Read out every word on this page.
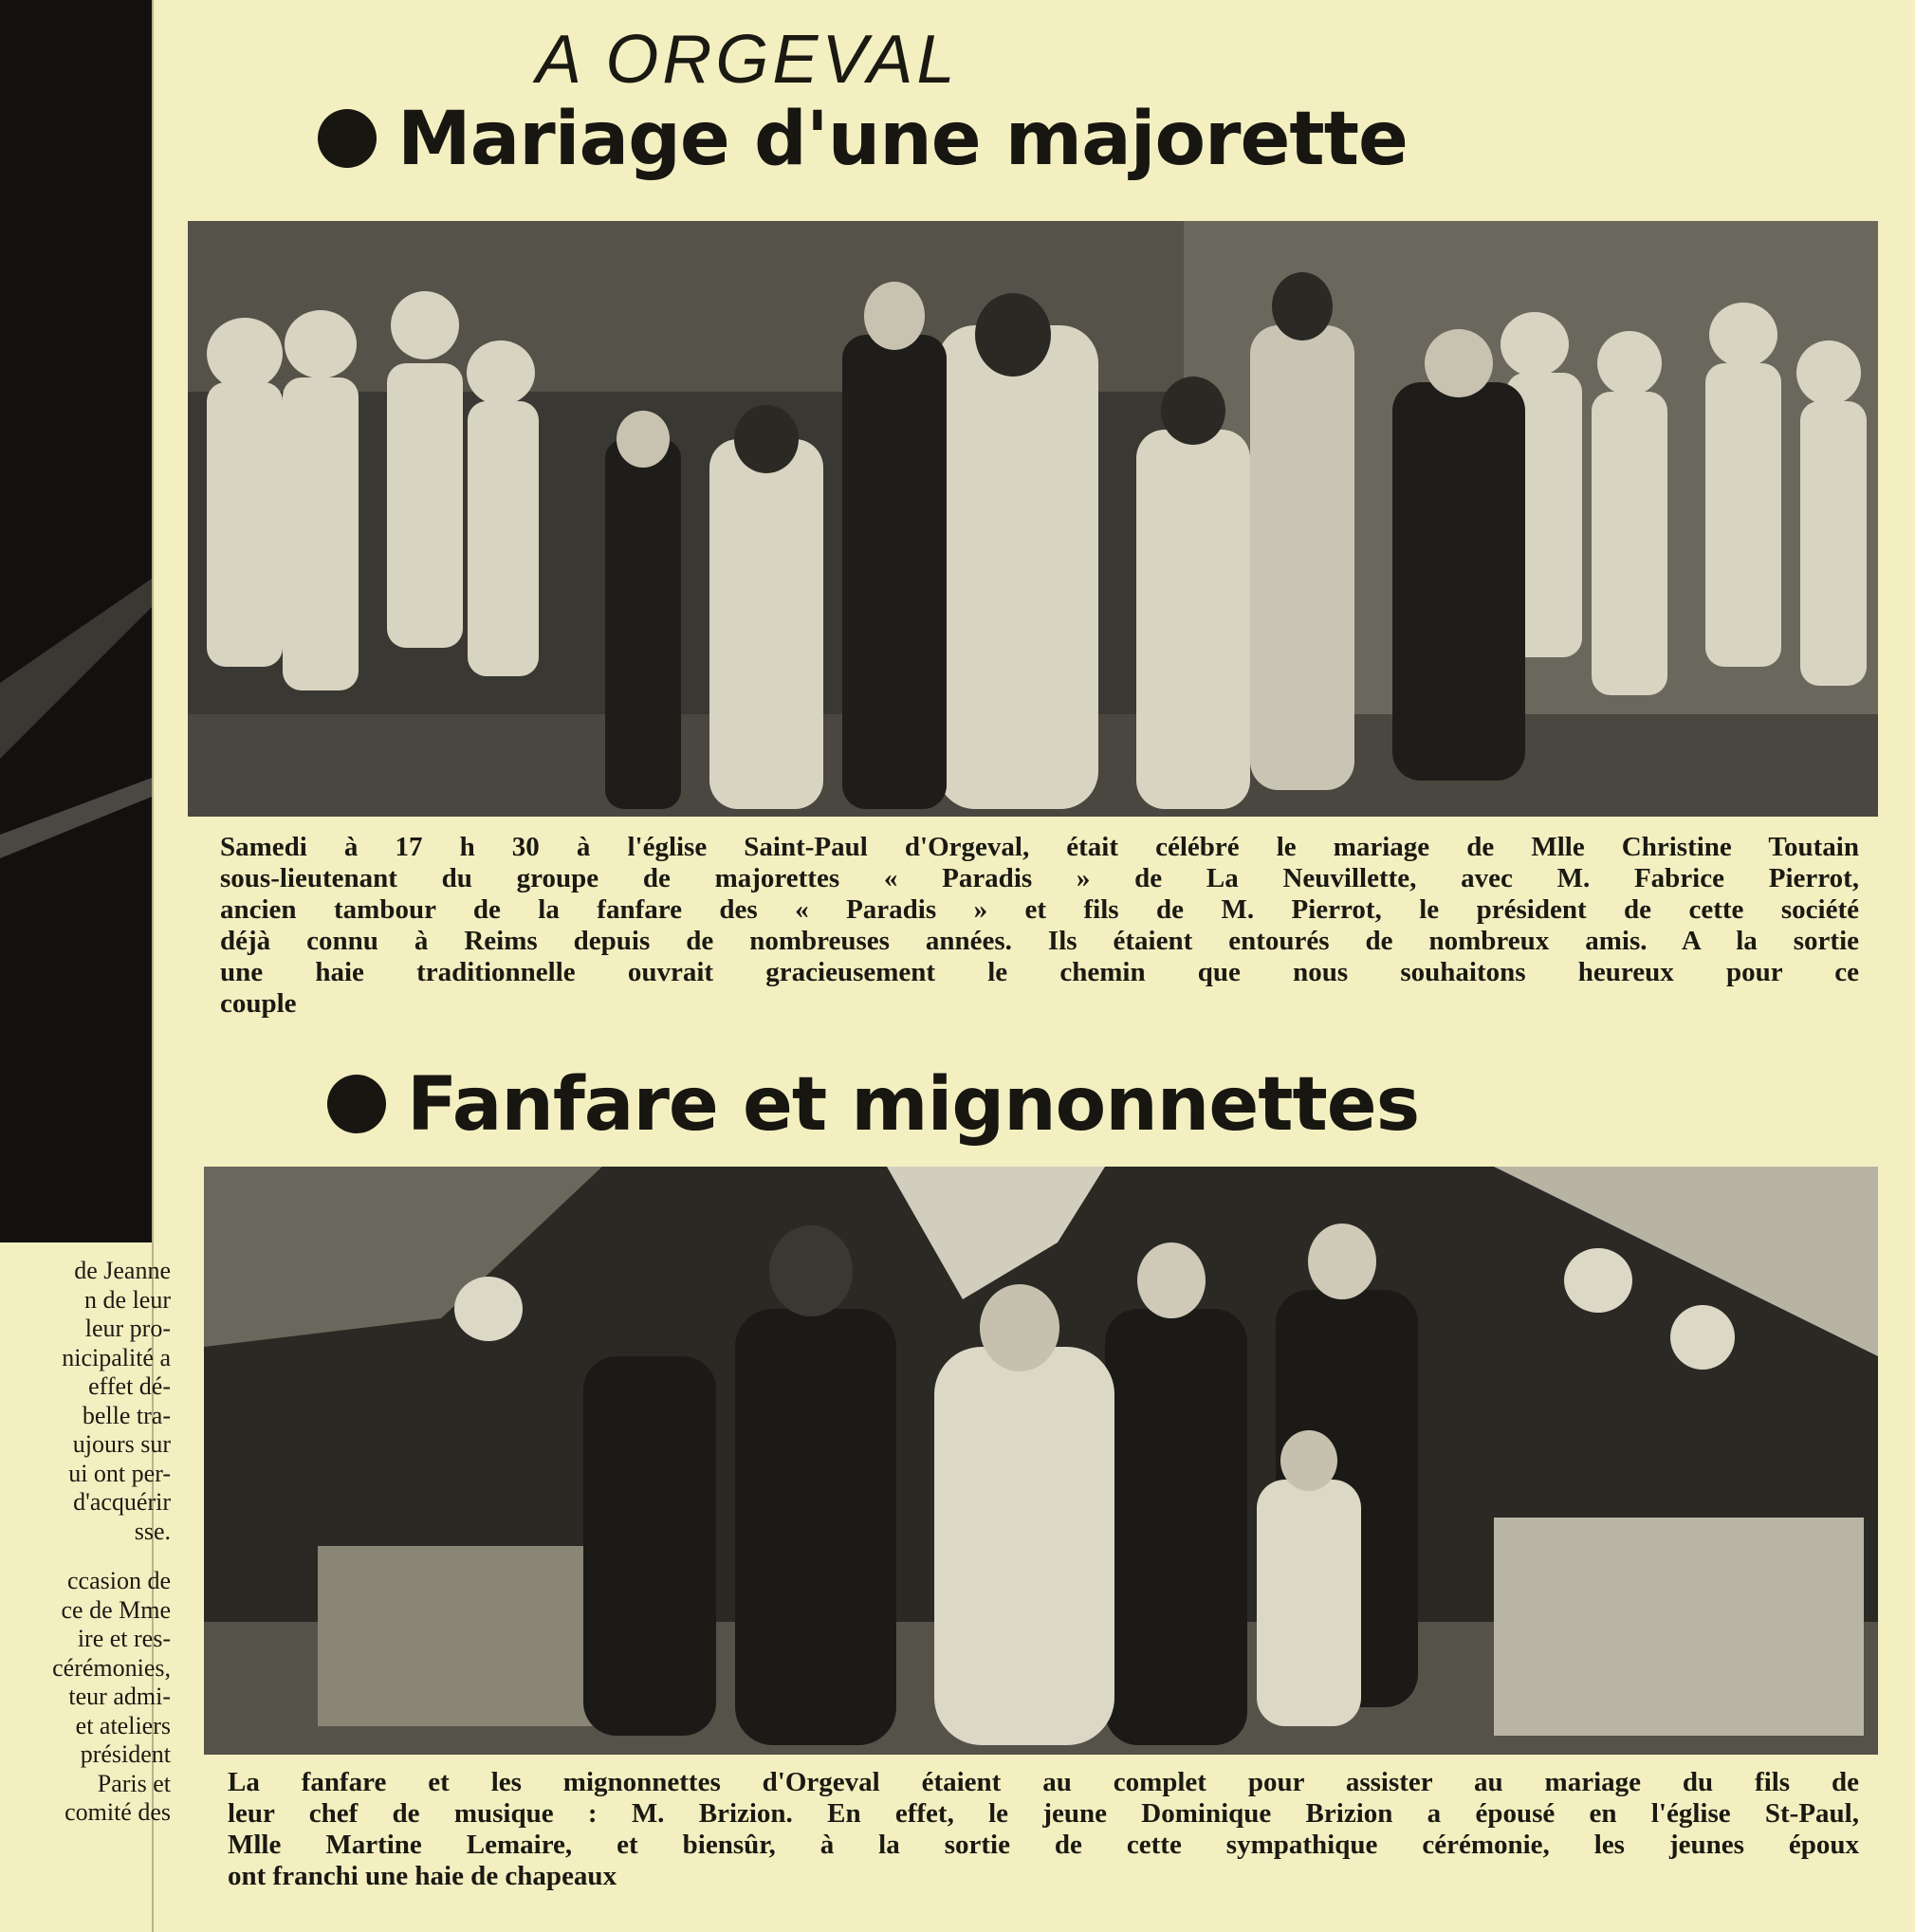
de Jeanne
n de leur
leur pro-
nicipalité a
effet dé-
belle tra-
ujours sur
ui ont per-
d'acquérir
sse.
ccasion de
ce de Mme
ire et res-
cérémonies,
teur admi-
et ateliers
président
Paris et
comité des
A ORGEVAL
Mariage d'une majorette
Samedi à 17 h 30 à l'église Saint-Paul d'Orgeval, était célébré le mariage de Mlle Christine Toutain
sous-lieutenant du groupe de majorettes « Paradis » de La Neuvillette, avec M. Fabrice Pierrot,
ancien tambour de la fanfare des « Paradis » et fils de M. Pierrot, le président de cette société
déjà connu à Reims depuis de nombreuses années. Ils étaient entourés de nombreux amis. A la sortie
une haie traditionnelle ouvrait gracieusement le chemin que nous souhaitons heureux pour ce
couple
Fanfare et mignonnettes
La fanfare et les mignonnettes d'Orgeval étaient au complet pour assister au mariage du fils de
leur chef de musique : M. Brizion. En effet, le jeune Dominique Brizion a épousé en l'église St-Paul,
Mlle Martine Lemaire, et biensûr, à la sortie de cette sympathique cérémonie, les jeunes époux
ont franchi une haie de chapeaux
